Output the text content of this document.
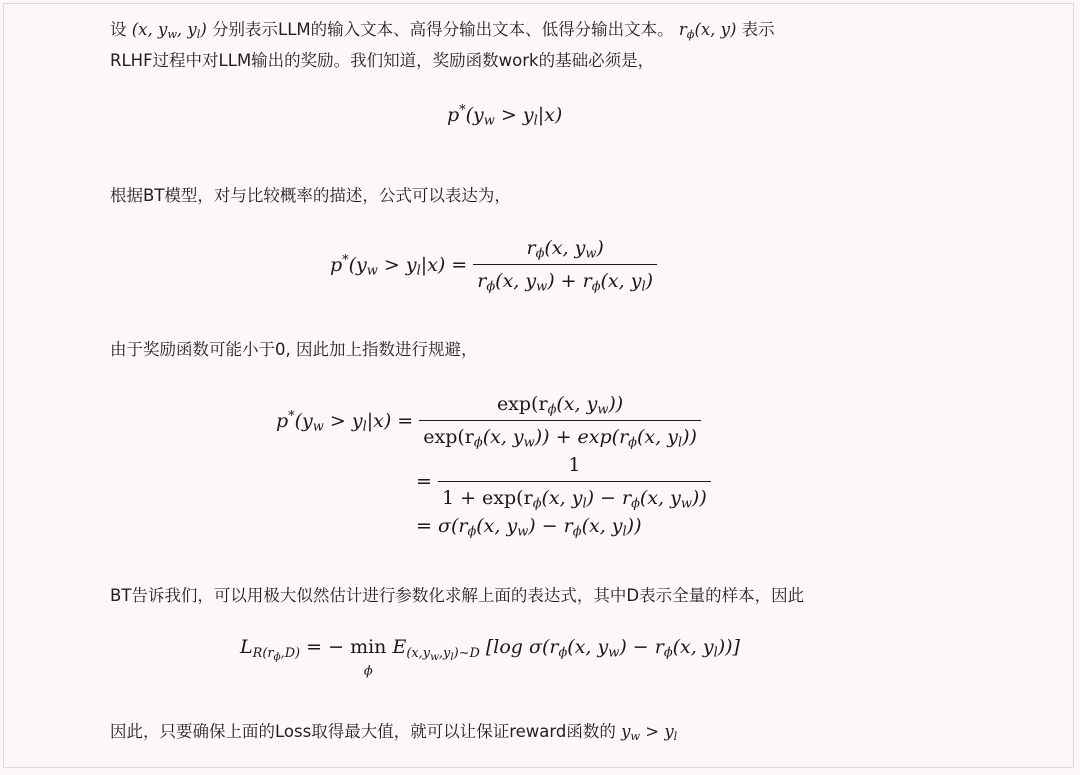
设 (x, $y_w$, $y_l$) 分别表示LLM的输入文本、高得分输出文本、低得分输出文本。 $r_\phi(x$, y) 表示
RLHF过程中对LLM输出的奖励。我们知道，奖励函数work的基础必须是，
$p^*(y_w > y_l|x)$
根据BT模型，对与比较概率的描述，公式可以表达为，
$p^*(y_w > y_l|x) = \frac{r_\phi(x, y_w)}{r_\phi(x, y_w) + r_\phi(x, y_l)}$
由于奖励函数可能小于0, 因此加上指数进行规避，
$p^*(y_w > y_l|x) = \frac{\exp(r_\phi(x, y_w))}{\exp(r_\phi(x, y_w)) + \exp(r_\phi(x, y_l))}$
= $\frac{1}{1 + \exp(r_\phi(x, y_l) - r_\phi(x, y_w))}$
= $\sigma(r_\phi(x$, $y_w) - r_\phi(x$, $y_l$))
BT告诉我们，可以用极大似然估计进行参数化求解上面的表达式，其中D表示全量的样本，因此
$L_{R(r_\phi,D)}$ = − min
ϕ $E_{(x,y_w,y_l)\sim D}$ [log $\sigma(r_\phi(x$, $y_w) - r_\phi(x$, $y_l$))]
因此，只要确保上面的Loss取得最大值，就可以让保证reward函数的 $y_w > y_l$
